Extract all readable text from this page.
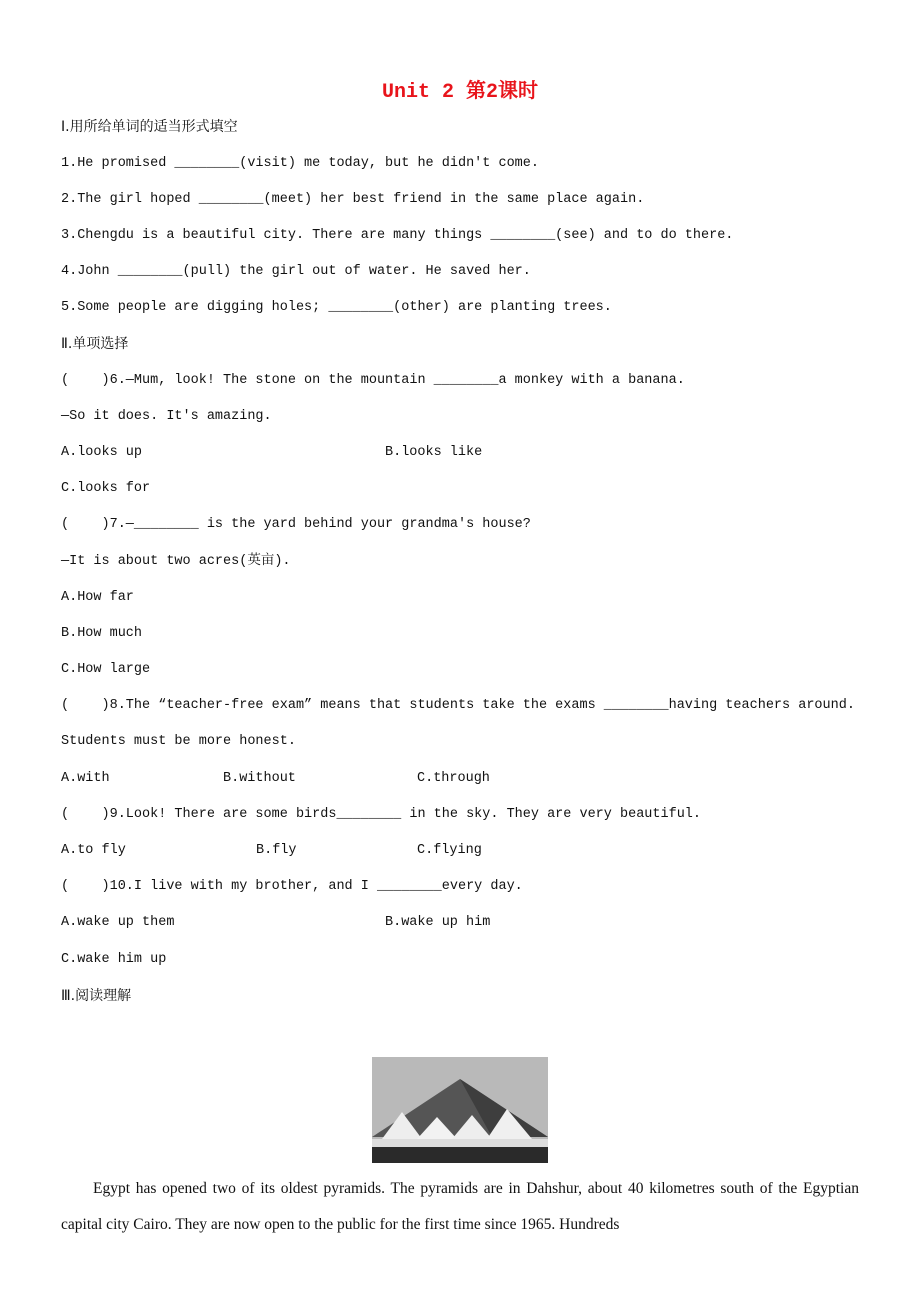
Unit 2 第2课时
Ⅰ.用所给单词的适当形式填空
1.He promised ________(visit) me today, but he didn't come.
2.The girl hoped ________(meet) her best friend in the same place again.
3.Chengdu is a beautiful city. There are many things ________(see) and to do there.
4.John ________(pull) the girl out of water. He saved her.
5.Some people are digging holes; ________(other) are planting trees.
Ⅱ.单项选择
(    )6.—Mum, look! The stone on the mountain ________a monkey with a banana.
—So it does. It's amazing.
A.looks up	B.looks like
C.looks for
(    )7.—________ is the yard behind your grandma's house?
—It is about two acres(英亩).
A.How far
B.How much
C.How large
(    )8.The “teacher-free exam” means that students take the exams ________having teachers around.
Students must be more honest.
A.with	B.without	C.through
(    )9.Look! There are some birds________ in the sky. They are very beautiful.
A.to fly	B.fly	C.flying
(    )10.I live with my brother, and I ________every day.
A.wake up them	B.wake up him
C.wake him up
Ⅲ.阅读理解
Egypt has opened two of its oldest pyramids. The pyramids are in Dahshur, about 40 kilometres south of the Egyptian capital city Cairo. They are now open to the public for the first time since 1965. Hundreds
